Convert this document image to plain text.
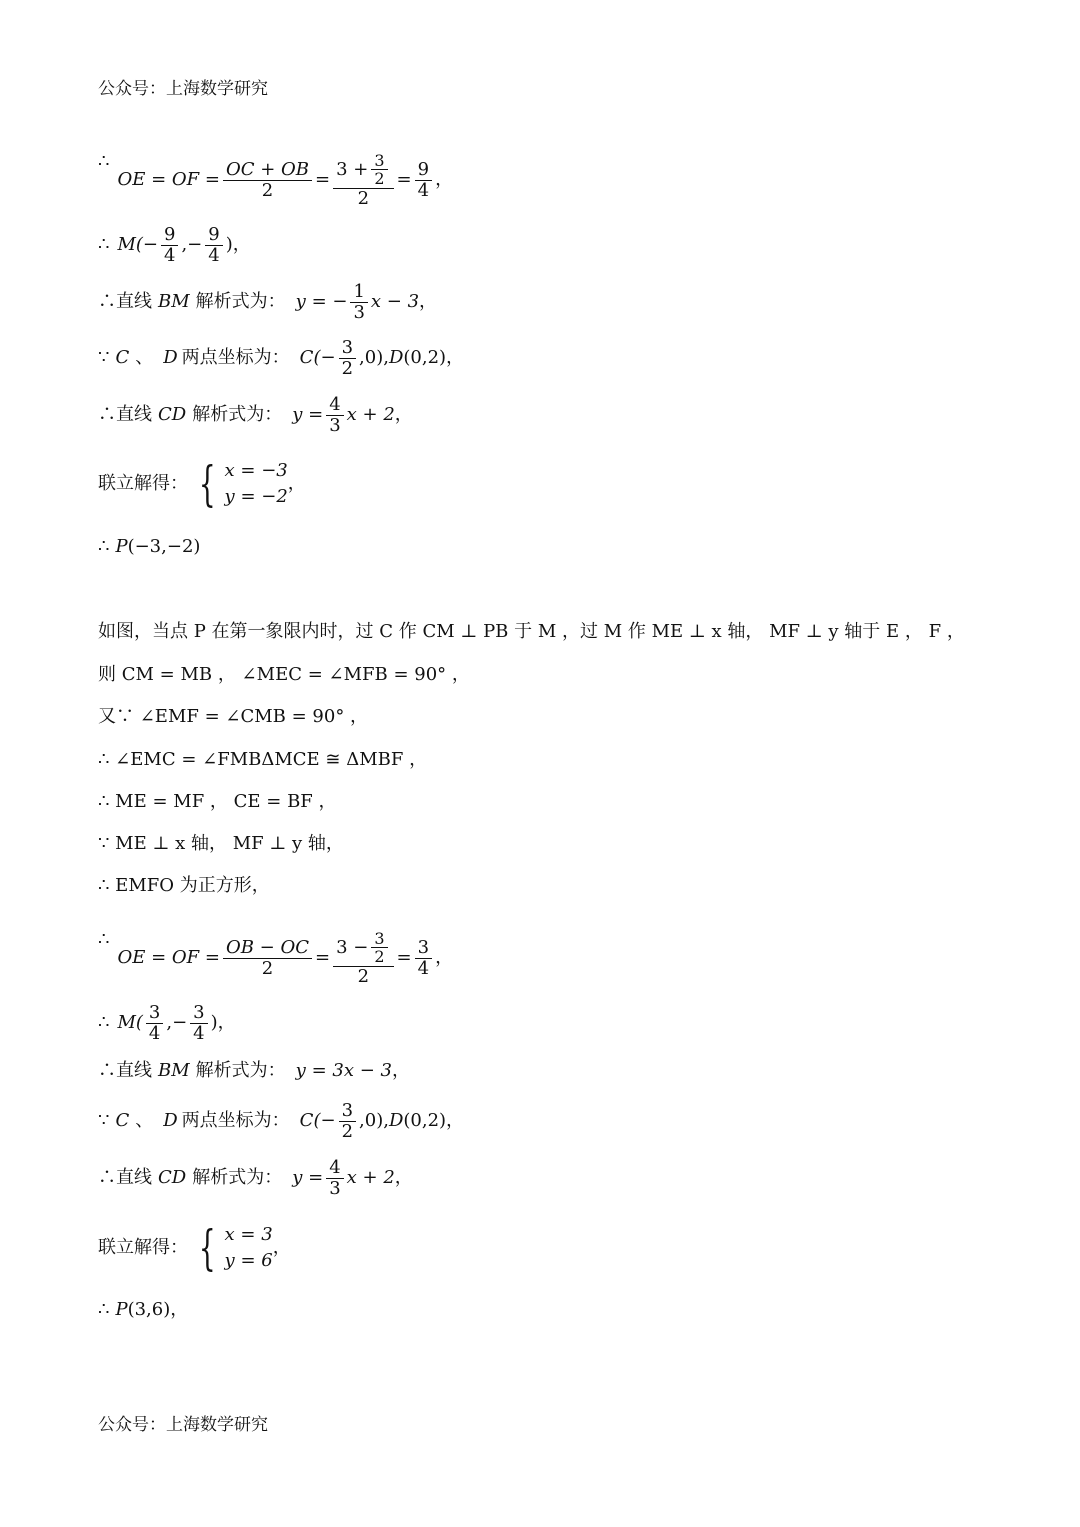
公众号：上海数学研究
∴
OE = OF = $\frac{OC + OB}{2} = \frac{3 + \frac{3}{2}}{2} = \frac{9}{4}$ ，
∴ $M(- \frac{9}{4}$ ,− $\frac{9}{4}$ )，
∴直线 BM 解析式为： y = − $\frac{1}{3}$ x − 3 ，
∵ C 、 D 两点坐标为： $C(- \frac{3}{2} ,0)$, D (0,2) ，
∴直线 CD 解析式为： $y = \frac{4}{3}$ x + 2 ，
联立解得： { x = −3
y = −2
，
∴ P (−3,−2)
如图，当点 P 在第一象限内时，过 C 作 CM ⊥ PB 于 M ，过 M 作 ME ⊥ x 轴， MF ⊥ y 轴于 E ， F ，
则 CM = MB ， ∠MEC = ∠MFB = 90° ，
又∵ ∠EMF = ∠CMB = 90° ，
∴ ∠EMC = ∠FMBΔMCE ≅ ΔMBF ，
∴ ME = MF ， CE = BF ，
∵ ME ⊥ x 轴， MF ⊥ y 轴，
∴ EMFO 为正方形，
∴
OE = OF = $\frac{OB - OC}{2} = \frac{3 - \frac{3}{2}}{2} = \frac{3}{4}$ ，
∴ M( 3
4 ,− $\frac{3}{4}$ )，
∴直线 BM 解析式为： y = 3x − 3 ，
∵ C 、 D 两点坐标为： $C(- \frac{3}{2} ,0)$, D (0,2) ，
∴直线 CD 解析式为： $y = \frac{4}{3}$ x + 2 ，
联立解得： { x = 3
y = 6
，
∴ P (3,6) ，
公众号：上海数学研究
